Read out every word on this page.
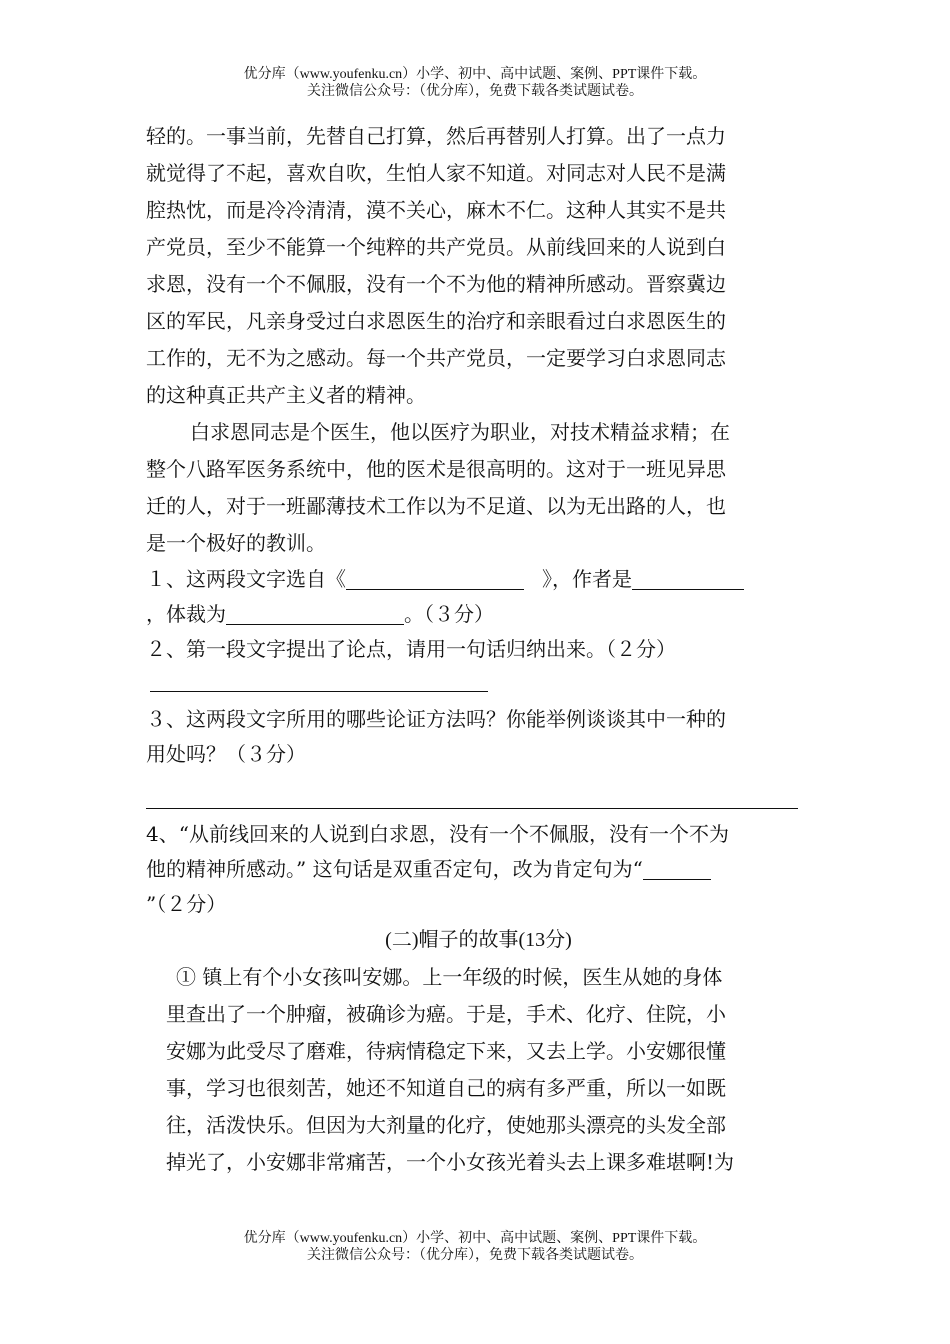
优分库（www.youfenku.cn）小学、初中、高中试题、案例、PPT课件下载。
关注微信公众号：（优分库），免费下载各类试题试卷。
轻的。一事当前，先替自己打算，然后再替别人打算。出了一点力
就觉得了不起，喜欢自吹，生怕人家不知道。对同志对人民不是满
腔热忱，而是冷冷清清，漠不关心，麻木不仁。这种人其实不是共
产党员，至少不能算一个纯粹的共产党员。从前线回来的人说到白
求恩，没有一个不佩服，没有一个不为他的精神所感动。晋察冀边
区的军民，凡亲身受过白求恩医生的治疗和亲眼看过白求恩医生的
工作的，无不为之感动。每一个共产党员，一定要学习白求恩同志
的这种真正共产主义者的精神。
白求恩同志是个医生，他以医疗为职业，对技术精益求精；在
整个八路军医务系统中，他的医术是很高明的。这对于一班见异思
迁的人，对于一班鄙薄技术工作以为不足道、以为无出路的人，也
是一个极好的教训。
１、这两段文字选自《	》，作者是
，体裁为	。（３分）
２、第一段文字提出了论点，请用一句话归纳出来。（２分）
３、这两段文字所用的哪些论证方法吗？你能举例谈谈其中一种的
用处吗？（３分）
4、“从前线回来的人说到白求恩，没有一个不佩服，没有一个不为
他的精神所感动。” 这句话是双重否定句，改为肯定句为“
”（２分）
(二)帽子的故事(13分)
① 镇上有个小女孩叫安娜。上一年级的时候，医生从她的身体
里查出了一个肿瘤，被确诊为癌。于是，手术、化疗、住院，小
安娜为此受尽了磨难，待病情稳定下来，又去上学。小安娜很懂
事，学习也很刻苦，她还不知道自己的病有多严重，所以一如既
往，活泼快乐。但因为大剂量的化疗，使她那头漂亮的头发全部
掉光了，小安娜非常痛苦，一个小女孩光着头去上课多难堪啊!为
优分库（www.youfenku.cn）小学、初中、高中试题、案例、PPT课件下载。
关注微信公众号：（优分库），免费下载各类试题试卷。
